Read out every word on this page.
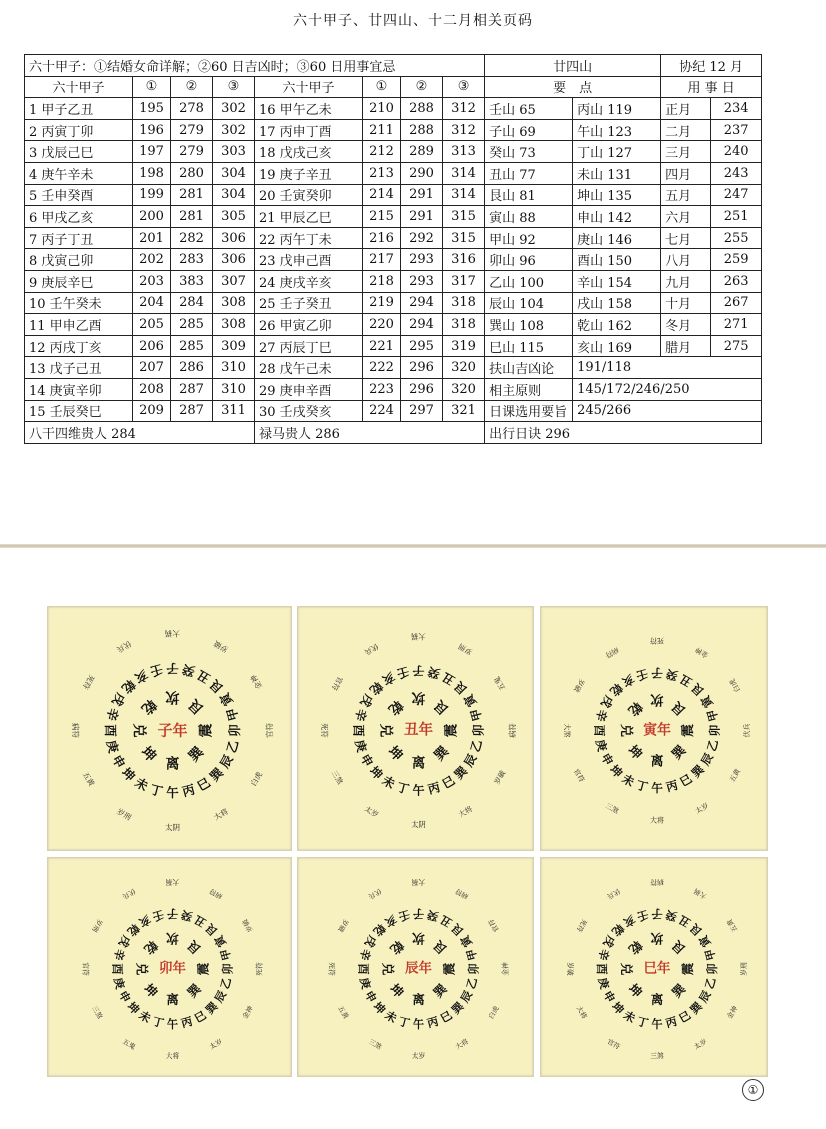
六十甲子、廿四山、十二月相关页码
六十甲子：①结婚女命详解；②60 日吉凶时；③60 日用事宜忌								廿四山		协纪 12 月	
六十甲子	①	②	③	六十甲子	①	②	③	要　点		用 事 日	
1 甲子乙丑	195	278	302	16 甲午乙未	210	288	312	壬山 65	丙山 119	正月	234
2 丙寅丁卯	196	279	302	17 丙申丁酉	211	288	312	子山 69	午山 123	二月	237
3 戊辰己巳	197	279	303	18 戊戌己亥	212	289	313	癸山 73	丁山 127	三月	240
4 庚午辛未	198	280	304	19 庚子辛丑	213	290	314	丑山 77	未山 131	四月	243
5 壬申癸酉	199	281	304	20 壬寅癸卯	214	291	314	艮山 81	坤山 135	五月	247
6 甲戌乙亥	200	281	305	21 甲辰乙巳	215	291	315	寅山 88	申山 142	六月	251
7 丙子丁丑	201	282	306	22 丙午丁未	216	292	315	甲山 92	庚山 146	七月	255
8 戊寅己卯	202	283	306	23 戊申己酉	217	293	316	卯山 96	酉山 150	八月	259
9 庚辰辛巳	203	383	307	24 庚戌辛亥	218	293	317	乙山 100	辛山 154	九月	263
10 壬午癸未	204	284	308	25 壬子癸丑	219	294	318	辰山 104	戌山 158	十月	267
11 甲申乙酉	205	285	308	26 甲寅乙卯	220	294	318	巽山 108	乾山 162	冬月	271
12 丙戌丁亥	206	285	309	27 丙辰丁巳	221	295	319	巳山 115	亥山 169	腊月	275
13 戊子己丑	207	286	310	28 戊午己未	222	296	320	扶山吉凶论	191/118		
14 庚寅辛卯	208	287	310	29 庚申辛酉	223	296	320	相主原则	145/172/246/250		
15 壬辰癸巳	209	287	311	30 壬戌癸亥	224	297	321	日课选用要旨	245/266		
八干四维贵人 284				禄马贵人 286				出行日诀 296			
子年
离
坤
兑
乾 坎 艮
震
巽
丙
午
丁
未
坤
申
庚
酉
辛
戌
乾
亥
壬 子 癸
丑
艮
寅
甲
卯
乙
辰
巽
巳
大将
太阴
岁刑
五黄
病符
死符
伏兵
大祸
岁破
金神
官符
白虎
丑年
离
坤
兑
乾 坎 艮
震
巽
丙
午
丁
未
坤
申
庚
酉
辛
戌
乾
亥
壬 子 癸
丑
艮
寅
甲
卯
乙
辰
巽
巳
大将
太阴
太岁
三煞
死符
官符
伏兵
大祸
岁刑
五鬼
病符
岁破
寅年
离
坤
兑
乾 坎 艮
震
巽
丙
午
丁
未
坤
申
庚
酉
辛
戌
乾
亥
壬 子 癸
丑
艮
寅
甲
卯
乙
辰
巽
巳
太岁
大将
三煞
官符
大煞
岁破
病符
死符
金神
白虎
伏兵
五黄
卯年
离
坤
兑
乾 坎 艮
震
巽
丙
午
丁
未
坤
申
庚
酉
辛
戌
乾
亥
壬 子 癸
丑
艮
寅
甲
卯
乙
辰
巽
巳
太岁
大将
五鬼
三煞
官符
岁刑
伏兵
大祸
病符
岁破
死符
金神
辰年
离
坤
兑
乾 坎 艮
震
巽
丙
午
丁
未
坤
申
庚
酉
辛
戌
乾
亥
壬 子 癸
丑
艮
寅
甲
卯
乙
辰
巽
巳
大将
太岁
三煞
五黄
死符
岁破
伏兵
大祸
病符
官符
金神
白虎
巳年
离
坤
兑
乾 坎 艮
震
巽
丙
午
丁
未
坤
申
庚
酉
辛
戌
乾
亥
壬 子 癸
丑
艮
寅
甲
卯
乙
辰
巽
巳
太岁
三煞
官符
大将
岁破
死符
伏兵
病符
大祸
五黄
岁刑
金神
①
